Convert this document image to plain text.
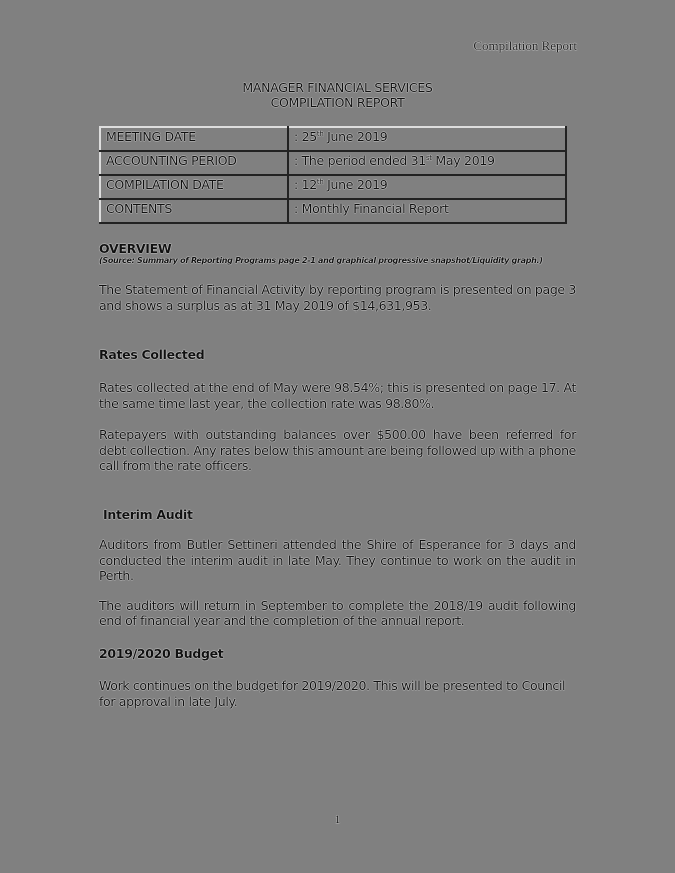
Compilation Report
MANAGER FINANCIAL SERVICES
COMPILATION REPORT
MEETING DATE	: 25th June 2019
ACCOUNTING PERIOD	: The period ended 31st May 2019
COMPILATION DATE	: 12th June 2019
CONTENTS	: Monthly Financial Report
OVERVIEW
(Source: Summary of Reporting Programs page 2-1 and graphical progressive snapshot/Liquidity graph.)

The Statement of Financial Activity by reporting program is presented on page 3 and shows a surplus as at 31 May 2019 of $14,631,953.

Rates Collected

Rates collected at the end of May were 98.54%; this is presented on page 17. At the same time last year, the collection rate was 98.80%.

Ratepayers with outstanding balances over $500.00 have been referred for debt collection. Any rates below this amount are being followed up with a phone call from the rate officers.

Interim Audit

Auditors from Butler Settineri attended the Shire of Esperance for 3 days and conducted the interim audit in late May. They continue to work on the audit in Perth.

The auditors will return in September to complete the 2018/19 audit following end of financial year and the completion of the annual report.

2019/2020 Budget

Work continues on the budget for 2019/2020. This will be presented to Council for approval in late July.

1
